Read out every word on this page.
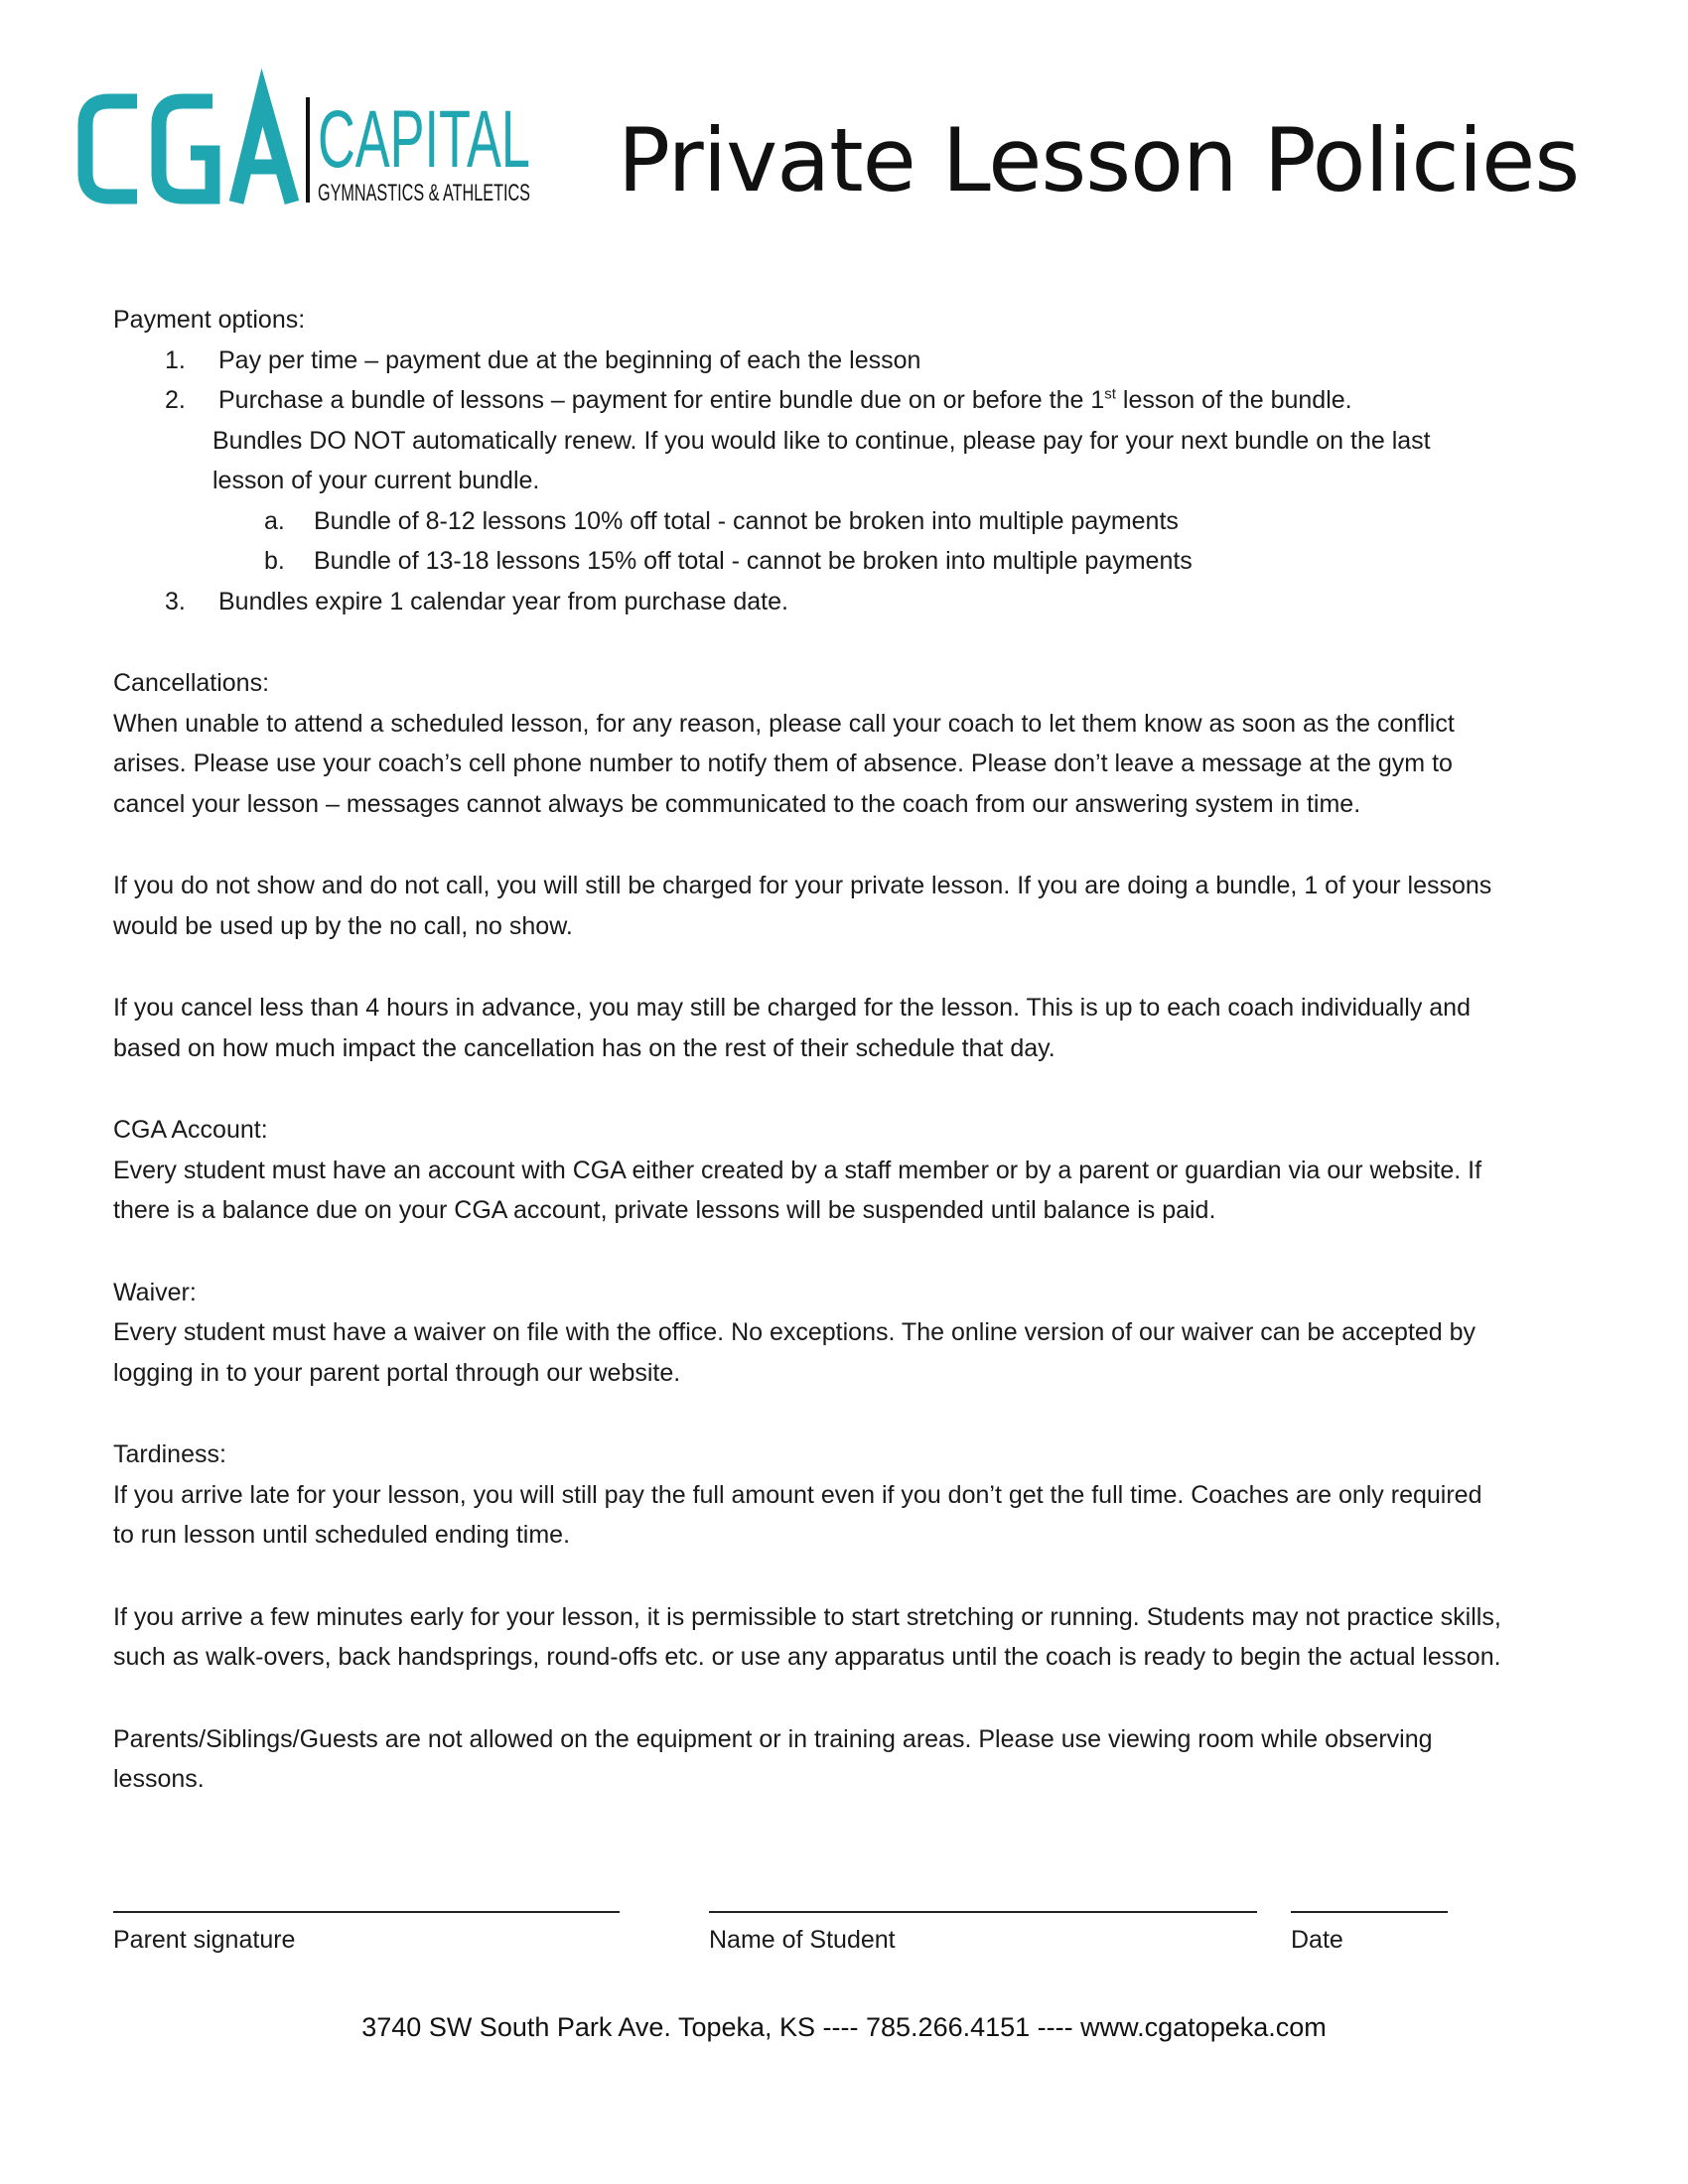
CAPITAL
GYMNASTICS & ATHLETICS Private Lesson Policies

Payment options:

1. Pay per time – payment due at the beginning of each the lesson
2. Purchase a bundle of lessons – payment for entire bundle due on or before the 1st lesson of the bundle.
Bundles DO NOT automatically renew. If you would like to continue, please pay for your next bundle on the last lesson of your current bundle.
a. Bundle of 8-12 lessons 10% off total - cannot be broken into multiple payments
b. Bundle of 13-18 lessons 15% off total - cannot be broken into multiple payments
3. Bundles expire 1 calendar year from purchase date.

Cancellations:

When unable to attend a scheduled lesson, for any reason, please call your coach to let them know as soon as the conflict arises. Please use your coach’s cell phone number to notify them of absence. Please don’t leave a message at the gym to cancel your lesson – messages cannot always be communicated to the coach from our answering system in time.

If you do not show and do not call, you will still be charged for your private lesson. If you are doing a bundle, 1 of your lessons would be used up by the no call, no show.

If you cancel less than 4 hours in advance, you may still be charged for the lesson. This is up to each coach individually and based on how much impact the cancellation has on the rest of their schedule that day.

CGA Account:

Every student must have an account with CGA either created by a staff member or by a parent or guardian via our website. If there is a balance due on your CGA account, private lessons will be suspended until balance is paid.

Waiver:

Every student must have a waiver on file with the office. No exceptions. The online version of our waiver can be accepted by logging in to your parent portal through our website.

Tardiness:

If you arrive late for your lesson, you will still pay the full amount even if you don’t get the full time. Coaches are only required to run lesson until scheduled ending time.

If you arrive a few minutes early for your lesson, it is permissible to start stretching or running. Students may not practice skills, such as walk-overs, back handsprings, round-offs etc. or use any apparatus until the coach is ready to begin the actual lesson.

Parents/Siblings/Guests are not allowed on the equipment or in training areas. Please use viewing room while observing lessons.

Parent signature	Name of Student	Date
3740 SW South Park Ave. Topeka, KS ---- 785.266.4151 ---- www.cgatopeka.com
